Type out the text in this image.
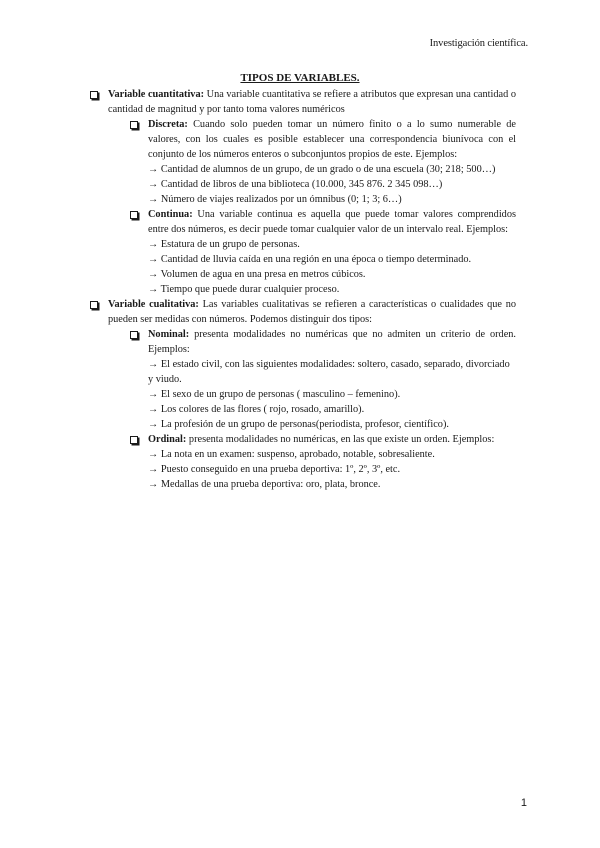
Investigación científica.
TIPOS DE VARIABLES.
Variable cuantitativa: Una variable cuantitativa se refiere a atributos que expresan una cantidad o cantidad de magnitud y por tanto toma valores numéricos
Discreta: Cuando solo pueden tomar un número finito o a lo sumo numerable de valores, con los cuales es posible establecer una correspondencia biunívoca con el conjunto de los números enteros o subconjuntos propios de este. Ejemplos:
→ Cantidad de alumnos de un grupo, de un grado o de una escuela (30; 218; 500…)
→ Cantidad de libros de una biblioteca (10.000, 345 876. 2 345 098…)
→ Número de viajes realizados por un ómnibus (0; 1; 3; 6…)
Continua: Una variable continua es aquella que puede tomar valores comprendidos entre dos números, es decir puede tomar cualquier valor de un intervalo real. Ejemplos:
→ Estatura de un grupo de personas.
→ Cantidad de lluvia caída en una región en una época o tiempo determinado.
→ Volumen de agua en una presa en metros cúbicos.
→ Tiempo que puede durar cualquier proceso.
Variable cualitativa: Las variables cualitativas se refieren a características o cualidades que no pueden ser medidas con números. Podemos distinguir dos tipos:
Nominal: presenta modalidades no numéricas que no admiten un criterio de orden. Ejemplos:
→ El estado civil, con las siguientes modalidades: soltero, casado, separado, divorciado y viudo.
→ El sexo de un grupo de personas ( masculino – femenino).
→ Los colores de las flores ( rojo, rosado, amarillo).
→ La profesión de un grupo de personas(periodista, profesor, científico).
Ordinal: presenta modalidades no numéricas, en las que existe un orden. Ejemplos:
→ La nota en un examen: suspenso, aprobado, notable, sobresaliente.
→ Puesto conseguido en una prueba deportiva: 1º, 2º, 3º, etc.
→ Medallas de una prueba deportiva: oro, plata, bronce.
1
